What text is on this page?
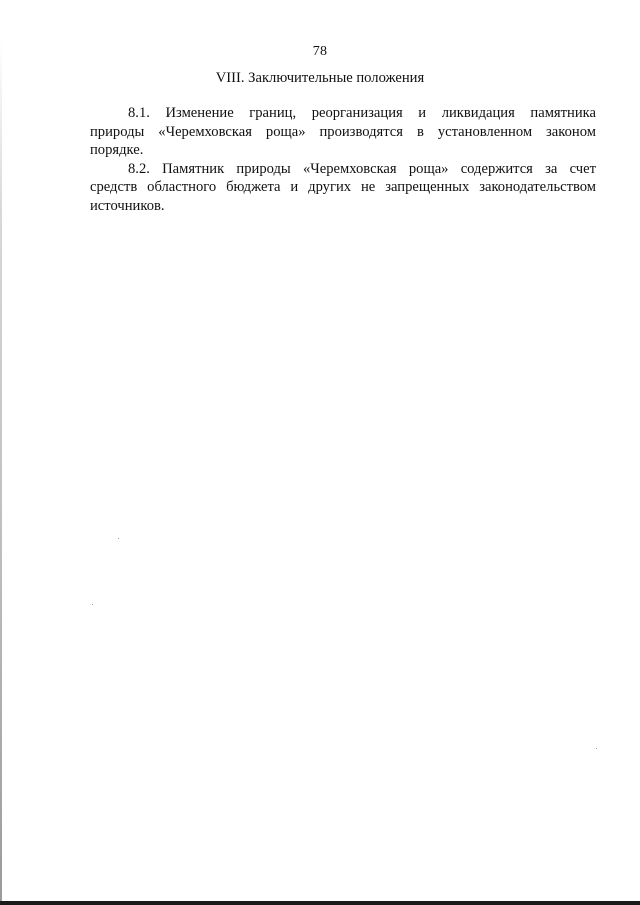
78
VIII. Заключительные положения
8.1. Изменение границ, реорганизация и ликвидация памятника
природы «Черемховская роща» производятся в установленном законом
порядке.
8.2. Памятник природы «Черемховская роща» содержится за счет
средств областного бюджета и других не запрещенных законодательством
источников.
